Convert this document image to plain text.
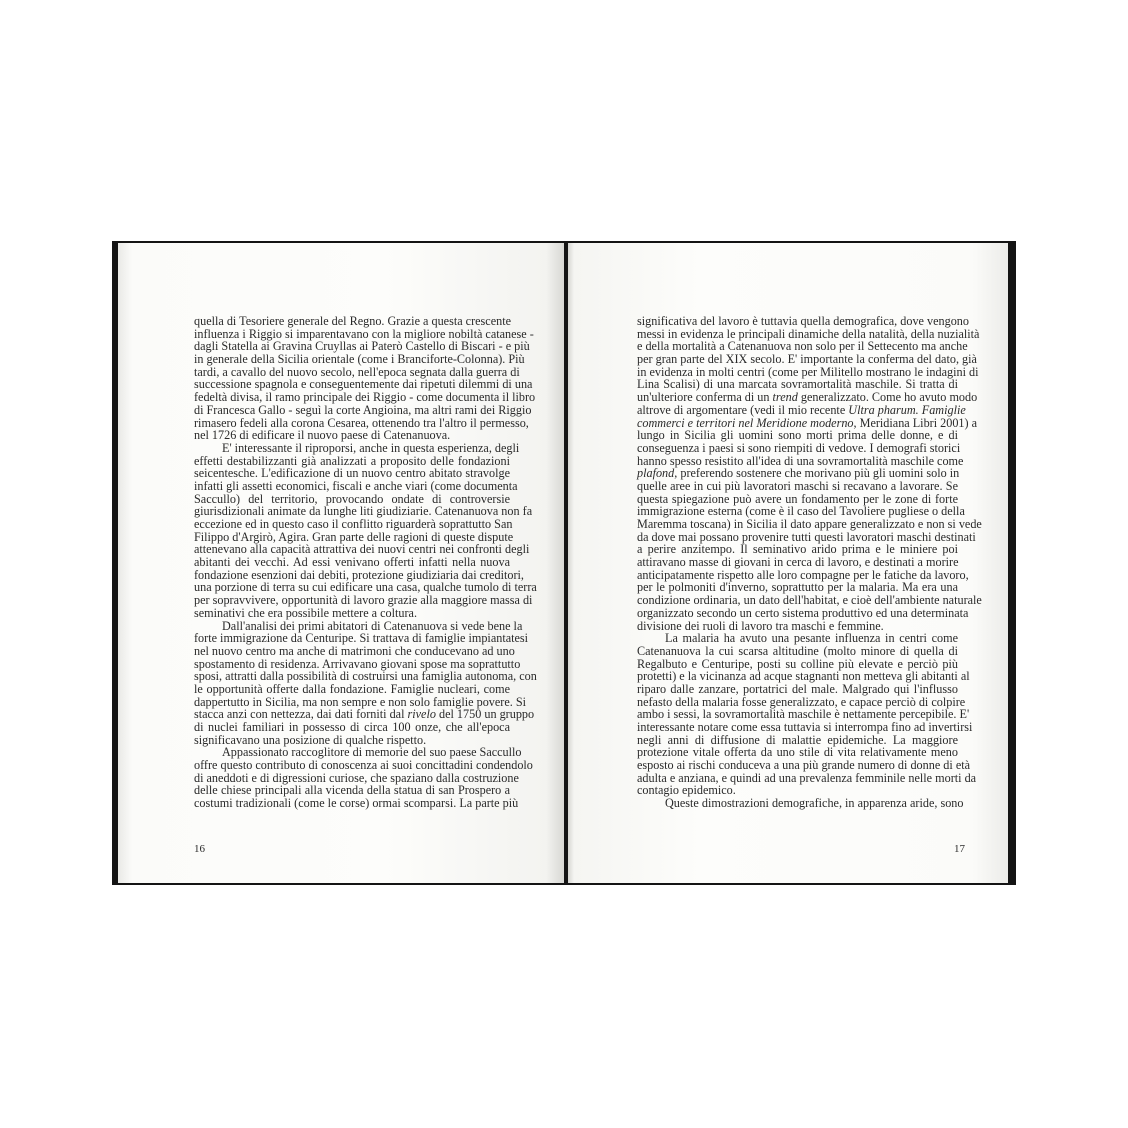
quella di Tesoriere generale del Regno. Grazie a questa crescente
influenza i Riggio si imparentavano con la migliore nobiltà catanese -
dagli Statella ai Gravina Cruyllas ai Paterò Castello di Biscari - e più
in generale della Sicilia orientale (come i Branciforte-Colonna). Più
tardi, a cavallo del nuovo secolo, nell'epoca segnata dalla guerra di
successione spagnola e conseguentemente dai ripetuti dilemmi di una
fedeltà divisa, il ramo principale dei Riggio - come documenta il libro
di Francesca Gallo - seguì la corte Angioina, ma altri rami dei Riggio
rimasero fedeli alla corona Cesarea, ottenendo tra l'altro il permesso,
nel 1726 di edificare il nuovo paese di Catenanuova.
E' interessante il riproporsi, anche in questa esperienza, degli
effetti destabilizzanti già analizzati a proposito delle fondazioni
seicentesche. L'edificazione di un nuovo centro abitato stravolge
infatti gli assetti economici, fiscali e anche viari (come documenta
Saccullo) del territorio, provocando ondate di controversie
giurisdizionali animate da lunghe liti giudiziarie. Catenanuova non fa
eccezione ed in questo caso il conflitto riguarderà soprattutto San
Filippo d'Argirò, Agira. Gran parte delle ragioni di queste dispute
attenevano alla capacità attrattiva dei nuovi centri nei confronti degli
abitanti dei vecchi. Ad essi venivano offerti infatti nella nuova
fondazione esenzioni dai debiti, protezione giudiziaria dai creditori,
una porzione di terra su cui edificare una casa, qualche tumolo di terra
per sopravvivere, opportunità di lavoro grazie alla maggiore massa di
seminativi che era possibile mettere a coltura.
Dall'analisi dei primi abitatori di Catenanuova si vede bene la
forte immigrazione da Centuripe. Si trattava di famiglie impiantatesi
nel nuovo centro ma anche di matrimoni che conducevano ad uno
spostamento di residenza. Arrivavano giovani spose ma soprattutto
sposi, attratti dalla possibilità di costruirsi una famiglia autonoma, con
le opportunità offerte dalla fondazione. Famiglie nucleari, come
dappertutto in Sicilia, ma non sempre e non solo famiglie povere. Si
stacca anzi con nettezza, dai dati forniti dal rivelo del 1750 un gruppo
di nuclei familiari in possesso di circa 100 onze, che all'epoca
significavano una posizione di qualche rispetto.
Appassionato raccoglitore di memorie del suo paese Saccullo
offre questo contributo di conoscenza ai suoi concittadini condendolo
di aneddoti e di digressioni curiose, che spaziano dalla costruzione
delle chiese principali alla vicenda della statua di san Prospero a
costumi tradizionali (come le corse) ormai scomparsi. La parte più
16
significativa del lavoro è tuttavia quella demografica, dove vengono
messi in evidenza le principali dinamiche della natalità, della nuzialità
e della mortalità a Catenanuova non solo per il Settecento ma anche
per gran parte del XIX secolo. E' importante la conferma del dato, già
in evidenza in molti centri (come per Militello mostrano le indagini di
Lina Scalisi) di una marcata sovramortalità maschile. Si tratta di
un'ulteriore conferma di un trend generalizzato. Come ho avuto modo
altrove di argomentare (vedi il mio recente Ultra pharum. Famiglie
commerci e territori nel Meridione moderno, Meridiana Libri 2001) a
lungo in Sicilia gli uomini sono morti prima delle donne, e di
conseguenza i paesi si sono riempiti di vedove. I demografi storici
hanno spesso resistito all'idea di una sovramortalità maschile come
plafond, preferendo sostenere che morivano più gli uomini solo in
quelle aree in cui più lavoratori maschi si recavano a lavorare. Se
questa spiegazione può avere un fondamento per le zone di forte
immigrazione esterna (come è il caso del Tavoliere pugliese o della
Maremma toscana) in Sicilia il dato appare generalizzato e non si vede
da dove mai possano provenire tutti questi lavoratori maschi destinati
a perire anzitempo. Il seminativo arido prima e le miniere poi
attiravano masse di giovani in cerca di lavoro, e destinati a morire
anticipatamente rispetto alle loro compagne per le fatiche da lavoro,
per le polmoniti d'inverno, soprattutto per la malaria. Ma era una
condizione ordinaria, un dato dell'habitat, e cioè dell'ambiente naturale
organizzato secondo un certo sistema produttivo ed una determinata
divisione dei ruoli di lavoro tra maschi e femmine.
La malaria ha avuto una pesante influenza in centri come
Catenanuova la cui scarsa altitudine (molto minore di quella di
Regalbuto e Centuripe, posti su colline più elevate e perciò più
protetti) e la vicinanza ad acque stagnanti non metteva gli abitanti al
riparo dalle zanzare, portatrici del male. Malgrado qui l'influsso
nefasto della malaria fosse generalizzato, e capace perciò di colpire
ambo i sessi, la sovramortalità maschile è nettamente percepibile. E'
interessante notare come essa tuttavia si interrompa fino ad invertirsi
negli anni di diffusione di malattie epidemiche. La maggiore
protezione vitale offerta da uno stile di vita relativamente meno
esposto ai rischi conduceva a una più grande numero di donne di età
adulta e anziana, e quindi ad una prevalenza femminile nelle morti da
contagio epidemico.
Queste dimostrazioni demografiche, in apparenza aride, sono
17
